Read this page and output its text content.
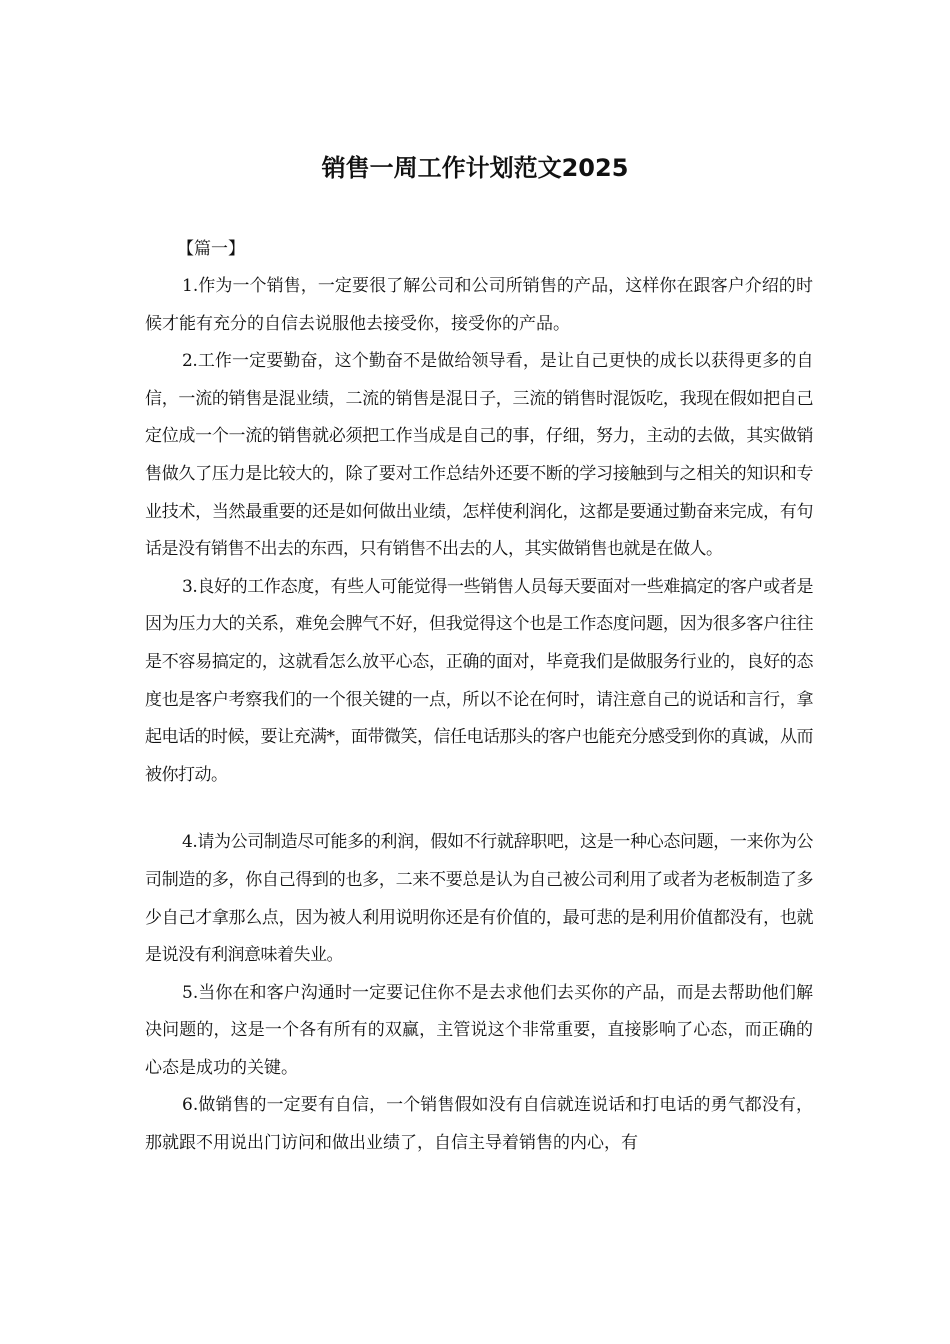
销售一周工作计划范文2025

【篇一】

1.作为一个销售，一定要很了解公司和公司所销售的产品，这样你在跟客户介绍的时候才能有充分的自信去说服他去接受你，接受你的产品。

2.工作一定要勤奋，这个勤奋不是做给领导看，是让自己更快的成长以获得更多的自信，一流的销售是混业绩，二流的销售是混日子，三流的销售时混饭吃，我现在假如把自己定位成一个一流的销售就必须把工作当成是自己的事，仔细，努力，主动的去做，其实做销售做久了压力是比较大的，除了要对工作总结外还要不断的学习接触到与之相关的知识和专业技术，当然最重要的还是如何做出业绩，怎样使利润化，这都是要通过勤奋来完成，有句话是没有销售不出去的东西，只有销售不出去的人，其实做销售也就是在做人。

3.良好的工作态度，有些人可能觉得一些销售人员每天要面对一些难搞定的客户或者是因为压力大的关系，难免会脾气不好，但我觉得这个也是工作态度问题，因为很多客户往往是不容易搞定的，这就看怎么放平心态，正确的面对，毕竟我们是做服务行业的，良好的态度也是客户考察我们的一个很关键的一点，所以不论在何时，请注意自己的说话和言行，拿起电话的时候，要让充满*，面带微笑，信任电话那头的客户也能充分感受到你的真诚，从而被你打动。

4.请为公司制造尽可能多的利润，假如不行就辞职吧，这是一种心态问题，一来你为公司制造的多，你自己得到的也多，二来不要总是认为自己被公司利用了或者为老板制造了多少自己才拿那么点，因为被人利用说明你还是有价值的，最可悲的是利用价值都没有，也就是说没有利润意味着失业。

5.当你在和客户沟通时一定要记住你不是去求他们去买你的产品，而是去帮助他们解决问题的，这是一个各有所有的双赢，主管说这个非常重要，直接影响了心态，而正确的心态是成功的关键。

6.做销售的一定要有自信，一个销售假如没有自信就连说话和打电话的勇气都没有，那就跟不用说出门访问和做出业绩了，自信主导着销售的内心，有
